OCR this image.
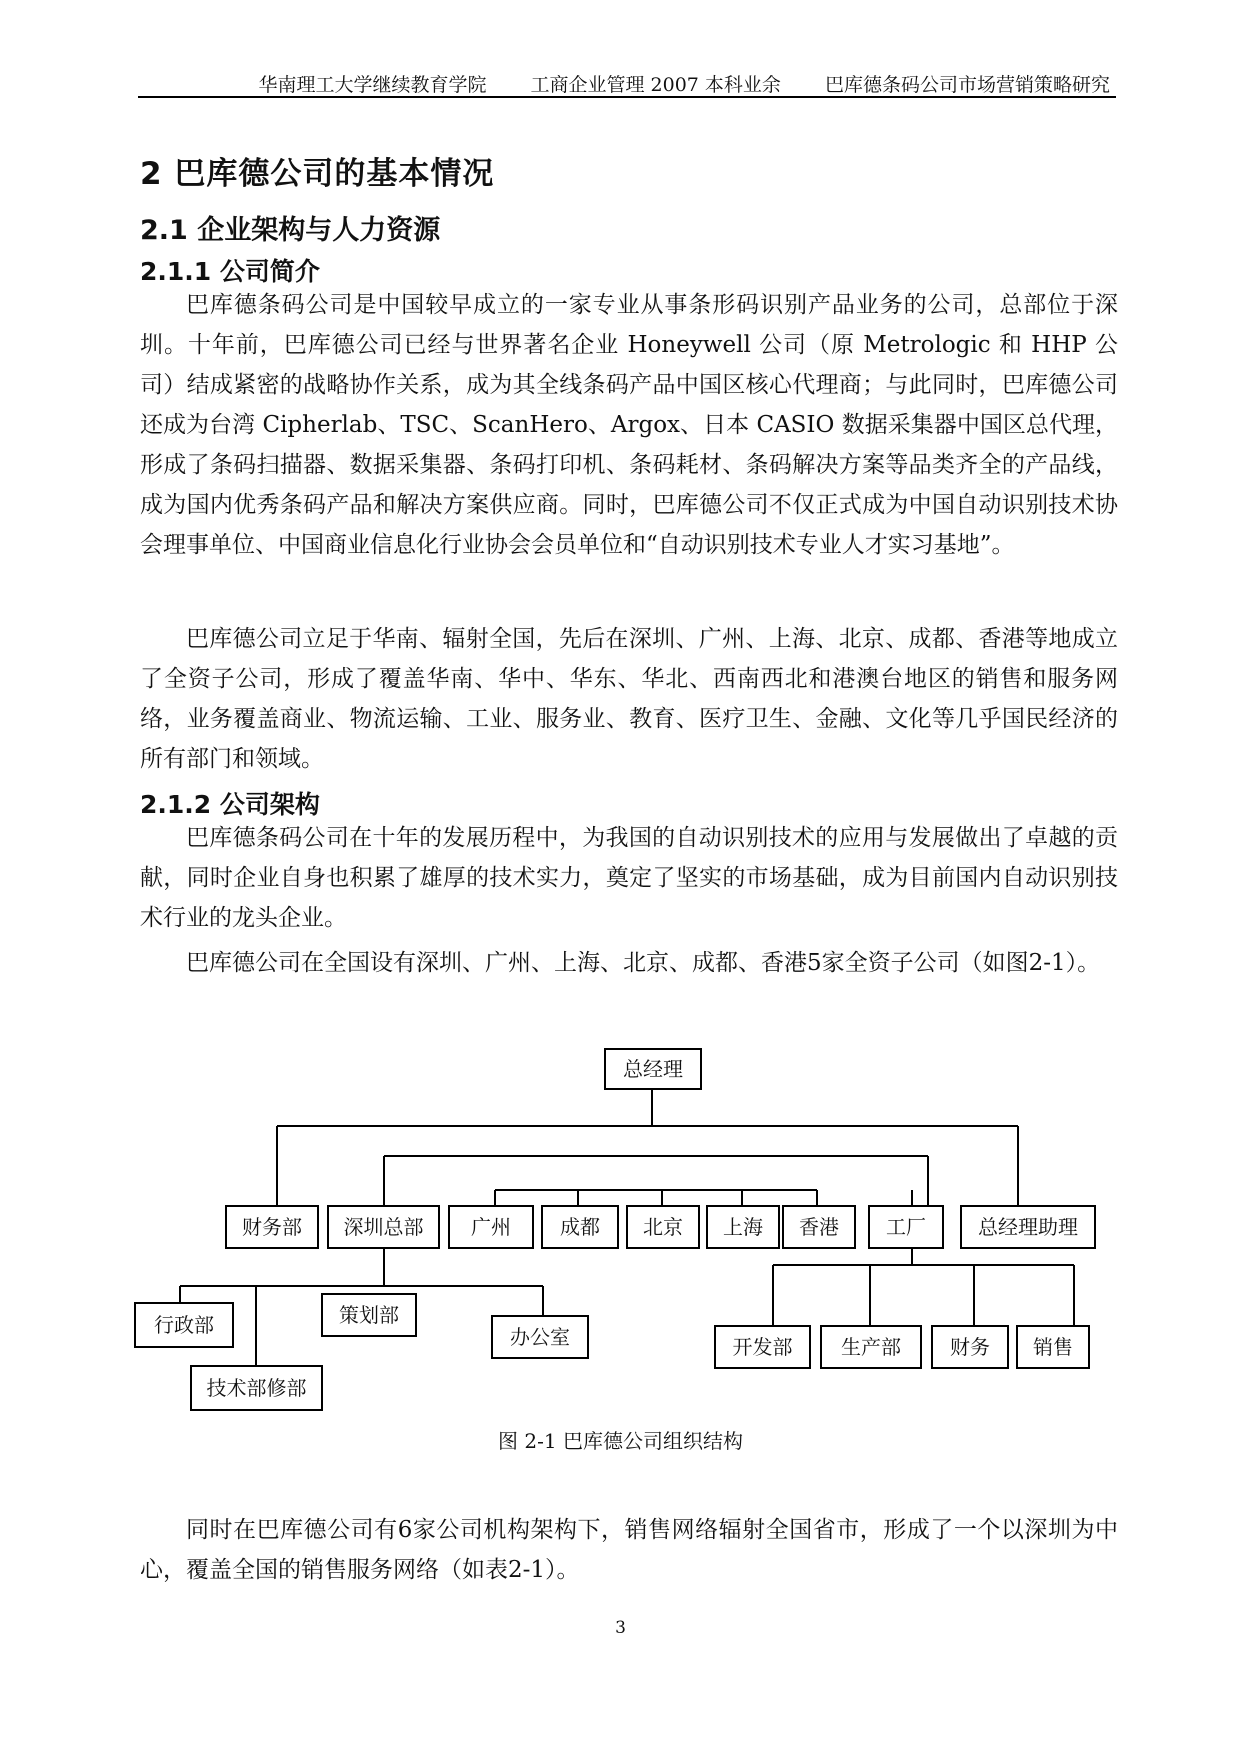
华南理工大学继续教育学院 工商企业管理 2007 本科业余 巴库德条码公司市场营销策略研究
2 巴库德公司的基本情况
2.1 企业架构与人力资源
2.1.1 公司简介

巴库德条码公司是中国较早成立的一家专业从事条形码识别产品业务的公司，总部位于深圳。十年前，巴库德公司已经与世界著名企业 Honeywell 公司（原 Metrologic 和 HHP 公司）结成紧密的战略协作关系，成为其全线条码产品中国区核心代理商；与此同时，巴库德公司还成为台湾 Cipherlab、TSC、ScanHero、Argox、日本 CASIO 数据采集器中国区总代理，形成了条码扫描器、数据采集器、条码打印机、条码耗材、条码解决方案等品类齐全的产品线，成为国内优秀条码产品和解决方案供应商。同时，巴库德公司不仅正式成为中国自动识别技术协会理事单位、中国商业信息化行业协会会员单位和“自动识别技术专业人才实习基地”。

巴库德公司立足于华南、辐射全国，先后在深圳、广州、上海、北京、成都、香港等地成立了全资子公司，形成了覆盖华南、华中、华东、华北、西南西北和港澳台地区的销售和服务网络，业务覆盖商业、物流运输、工业、服务业、教育、医疗卫生、金融、文化等几乎国民经济的所有部门和领域。

2.1.2 公司架构

巴库德条码公司在十年的发展历程中，为我国的自动识别技术的应用与发展做出了卓越的贡献，同时企业自身也积累了雄厚的技术实力，奠定了坚实的市场基础，成为目前国内自动识别技术行业的龙头企业。

巴库德公司在全国设有深圳、广州、上海、北京、成都、香港5家全资子公司（如图2-1）。

总经理
财务部	深圳总部	广州	成都	北京	上海	香港	工厂	总经理助理
行政部	策划部
办公室
技术部修部
开发部	生产部	财务	销售
图 2-1 巴库德公司组织结构

同时在巴库德公司有6家公司机构架构下，销售网络辐射全国省市，形成了一个以深圳为中心，覆盖全国的销售服务网络（如表2-1）。

3
